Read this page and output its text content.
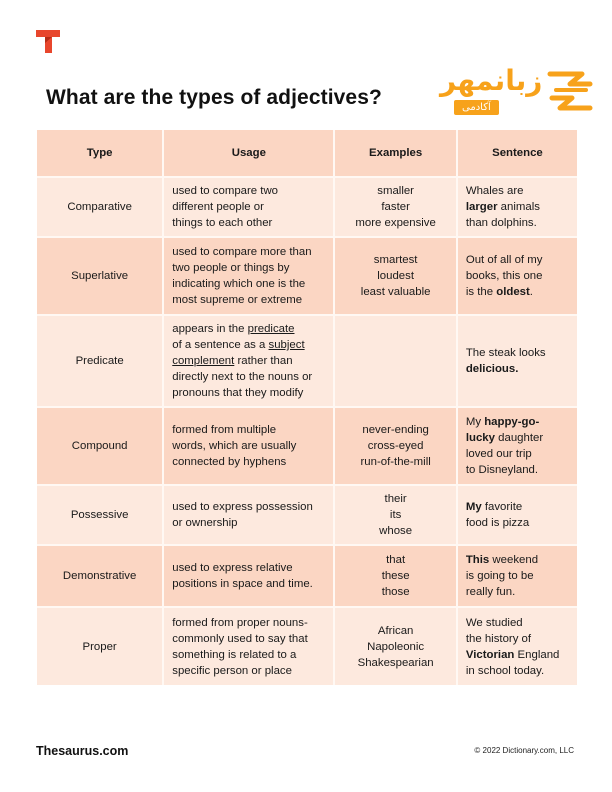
What are the types of adjectives?
زبانمهر
آکادمی
Type	Usage	Examples	Sentence
Comparative	used to compare two
different people or
things to each other	smaller
faster
more expensive	Whales are
larger animals
than dolphins.

Superlative	used to compare more than
two people or things by
indicating which one is the
most supreme or extreme	smartest
loudest
least valuable	Out of all of my
books, this one
is the oldest.

Predicate	appears in the predicate
of a sentence as a subject
complement rather than
directly next to the nouns or
pronouns that they modify		The steak looks
delicious.

Compound	formed from multiple
words, which are usually
connected by hyphens	never-ending
cross-eyed
run-of-the-mill	My happy-go-
lucky daughter
loved our trip
to Disneyland.

Possessive	used to express possession
or ownership	their
its
whose	My favorite
food is pizza

Demonstrative	used to express relative
positions in space and time.	that
these
those	This weekend
is going to be
really fun.

Proper	formed from proper nouns-
commonly used to say that
something is related to a
specific person or place	African
Napoleonic
Shakespearian	We studied
the history of
Victorian England
in school today.
Thesaurus.com	© 2022 Dictionary.com, LLC
